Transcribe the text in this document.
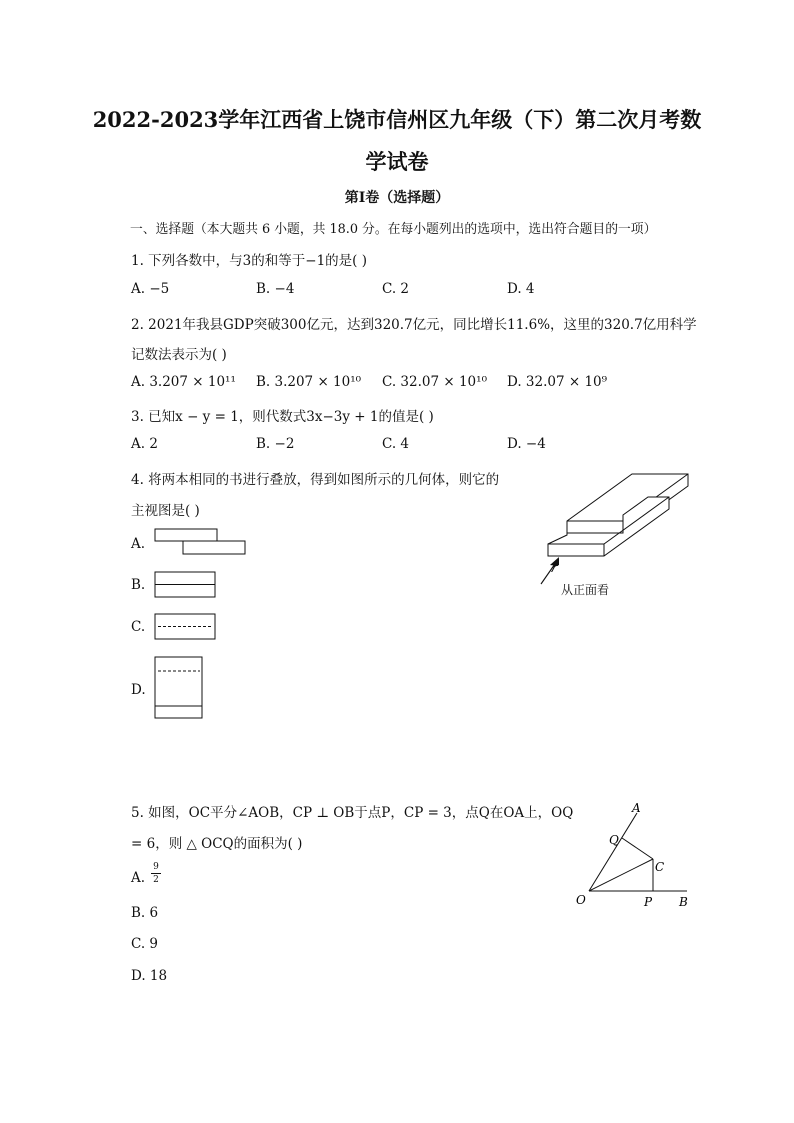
2022-2023学年江西省上饶市信州区九年级（下）第二次月考数
学试卷
第Ⅰ卷（选择题）
一、选择题（本大题共 6 小题，共 18.0 分。在每小题列出的选项中，选出符合题目的一项）
1. 下列各数中，与3的和等于−1的是( )
A. −5	B. −4	C. 2	D. 4
2. 2021年我县GDP突破300亿元，达到320.7亿元，同比增长11.6%，这里的320.7亿用科学
记数法表示为( )
A. 3.207 × 10¹¹ B. 3.207 × 10¹⁰ C. 32.07 × 10¹⁰ D. 32.07 × 10⁹
3. 已知x − y = 1，则代数式3x−3y + 1的值是( )
A. 2	B. −2	C. 4	D. −4
4. 将两本相同的书进行叠放，得到如图所示的几何体，则它的
主视图是( )
A.
B.
C.
D.
从正面看
5. 如图，OC平分∠AOB，CP ⊥ OB于点P，CP = 3，点Q在OA上，OQ
= 6，则 △ OCQ的面积为( )
A.
9
2
B. 6
C. 9
D. 18
A
Q
C
O	P B
